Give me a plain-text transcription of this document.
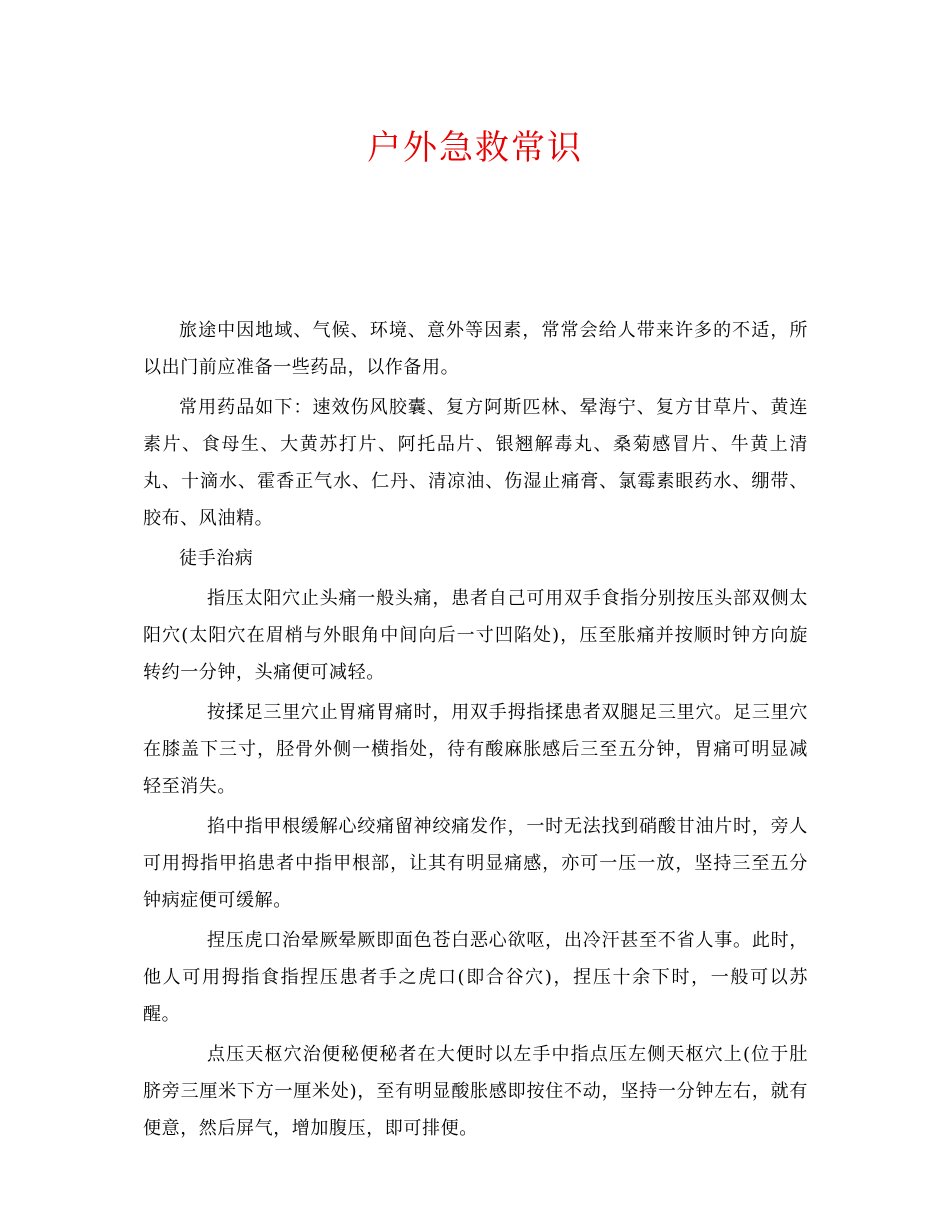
户外急救常识

旅途中因地域、气候、环境、意外等因素，常常会给人带来许多的不适，所以出门前应准备一些药品，以作备用。

常用药品如下：速效伤风胶囊、复方阿斯匹林、晕海宁、复方甘草片、黄连素片、食母生、大黄苏打片、阿托品片、银翘解毒丸、桑菊感冒片、牛黄上清丸、十滴水、霍香正气水、仁丹、清凉油、伤湿止痛膏、氯霉素眼药水、绷带、胶布、风油精。

徒手治病

指压太阳穴止头痛一般头痛，患者自己可用双手食指分别按压头部双侧太阳穴(太阳穴在眉梢与外眼角中间向后一寸凹陷处)，压至胀痛并按顺时钟方向旋转约一分钟，头痛便可减轻。

按揉足三里穴止胃痛胃痛时，用双手拇指揉患者双腿足三里穴。足三里穴在膝盖下三寸，胫骨外侧一横指处，待有酸麻胀感后三至五分钟，胃痛可明显减轻至消失。

掐中指甲根缓解心绞痛留神绞痛发作，一时无法找到硝酸甘油片时，旁人可用拇指甲掐患者中指甲根部，让其有明显痛感，亦可一压一放，坚持三至五分钟病症便可缓解。

捏压虎口治晕厥晕厥即面色苍白恶心欲呕，出冷汗甚至不省人事。此时，他人可用拇指食指捏压患者手之虎口(即合谷穴)，捏压十余下时，一般可以苏醒。

点压天枢穴治便秘便秘者在大便时以左手中指点压左侧天枢穴上(位于肚脐旁三厘米下方一厘米处)，至有明显酸胀感即按住不动，坚持一分钟左右，就有便意，然后屏气，增加腹压，即可排便。
